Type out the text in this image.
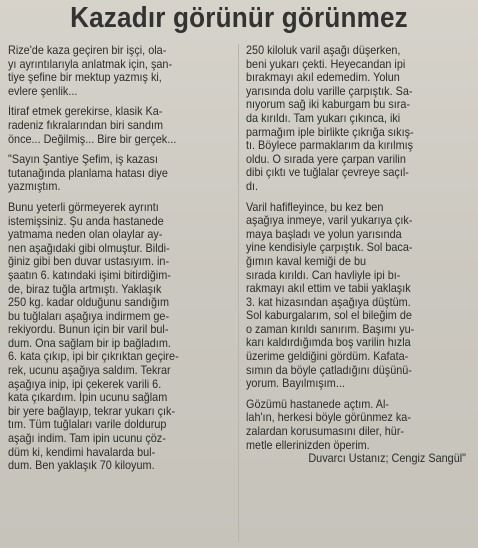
Kazadır görünür görünmez
Rize'de kaza geçiren bir işçi, ola-
yı ayrıntılarıyla anlatmak için, şan-
tiye şefine bir mektup yazmış ki,
evlere şenlik...
İtiraf etmek gerekirse, klasik Ka-
radeniz fıkralarından biri sandım
önce... Değilmiş... Bire bir gerçek...
"Sayın Şantiye Şefim, iş kazası
tutanağında planlama hatası diye
yazmıştım.
Bunu yeterli görmeyerek ayrıntı
istemişsiniz. Şu anda hastanede
yatmama neden olan olaylar ay-
nen aşağıdaki gibi olmuştur. Bildi-
ğiniz gibi ben duvar ustasıyım. in-
şaatın 6. katındaki işimi bitirdiğim-
de, biraz tuğla artmıştı. Yaklaşık
250 kg. kadar olduğunu sandığım
bu tuğlaları aşağıya indirmem ge-
rekiyordu. Bunun için bir varil bul-
dum. Ona sağlam bir ip bağladım.
6. kata çıkıp, ipi bir çıkrıktan geçire-
rek, ucunu aşağıya saldım. Tekrar
aşağıya inip, ipi çekerek varili 6.
kata çıkardım. İpin ucunu sağlam
bir yere bağlayıp, tekrar yukarı çık-
tım. Tüm tuğlaları varile doldurup
aşağı indim. Tam ipin ucunu çöz-
düm ki, kendimi havalarda bul-
dum. Ben yaklaşık 70 kiloyum.
250 kiloluk varil aşağı düşerken,
beni yukarı çekti. Heyecandan ipi
bırakmayı akıl edemedim. Yolun
yarısında dolu varille çarpıştık. Sa-
nıyorum sağ iki kaburgam bu sıra-
da kırıldı. Tam yukarı çıkınca, iki
parmağım iple birlikte çıkrığa sıkış-
tı. Böylece parmaklarım da kırılmış
oldu. O sırada yere çarpan varilin
dibi çıktı ve tuğlalar çevreye saçıl-
dı.
Varil hafifleyince, bu kez ben
aşağıya inmeye, varil yukarıya çık-
maya başladı ve yolun yarısında
yine kendisiyle çarpıştık. Sol baca-
ğımın kaval kemiği de bu
sırada kırıldı. Can havliyle ipi bı-
rakmayı akıl ettim ve tabii yaklaşık
3. kat hizasından aşağıya düştüm.
Sol kaburgalarım, sol el bileğim de
o zaman kırıldı sanırım. Başımı yu-
karı kaldırdığımda boş varilin hızla
üzerime geldiğini gördüm. Kafata-
sımın da böyle çatladığını düşünü-
yorum. Bayılmışım...
Gözümü hastanede açtım. Al-
lah'ın, herkesi böyle görünmez ka-
zalardan korusumasını diler, hür-
metle ellerinizden öperim.
Duvarcı Ustanız; Cengiz Sangül"
